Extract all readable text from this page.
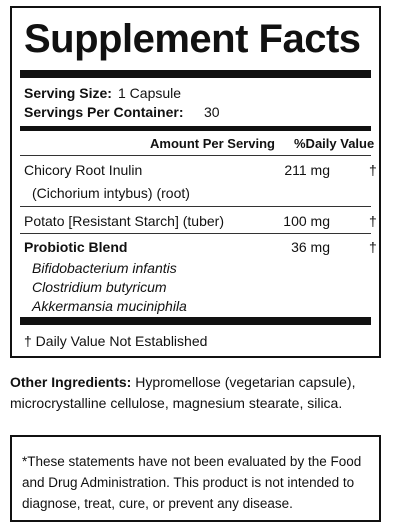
Supplement Facts
Serving Size: 1 Capsule
Servings Per Container: 30
Amount Per Serving %Daily Value
Chicory Root Inulin	211 mg	†
(Cichorium intybus) (root)
Potato [Resistant Starch] (tuber)	100 mg	†
Probiotic Blend	36 mg	†
Bifidobacterium infantis
Clostridium butyricum
Akkermansia muciniphila
† Daily Value Not Established
Other Ingredients: Hypromellose (vegetarian capsule), microcrystalline cellulose, magnesium stearate, silica.
*These statements have not been evaluated by the Food and Drug Administration. This product is not intended to diagnose, treat, cure, or prevent any disease.
